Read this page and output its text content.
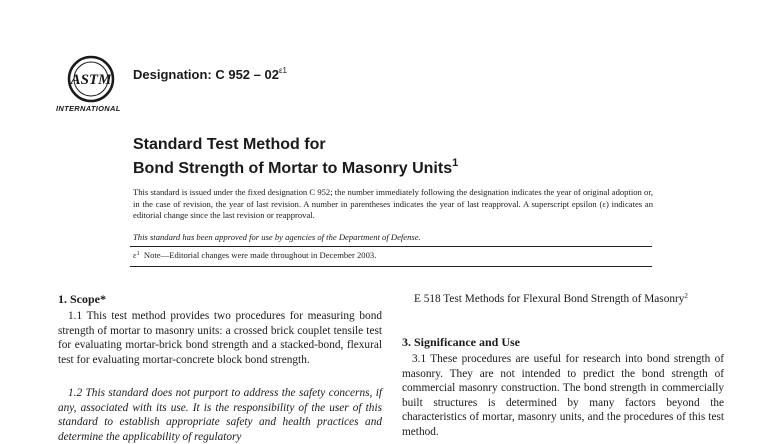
ASTM
INTERNATIONAL
Designation: C $952 - 02^{\varepsilon 1}$
Standard Test Method for
Bond Strength of Mortar to Masonry Units$^1$
This standard is issued under the fixed designation C 952; the number immediately following the designation indicates the year of original adoption or, in the case of revision, the year of last revision. A number in parentheses indicates the year of last reapproval. A superscript epsilon (ε) indicates an editorial change since the last revision or reapproval.
This standard has been approved for use by agencies of the Department of Defense.
$\varepsilon^1$ Note—Editorial changes were made throughout in December 2003.
1. Scope*
1.1 This test method provides two procedures for measuring bond strength of mortar to masonry units: a crossed brick couplet tensile test for evaluating mortar-brick bond strength and a stacked-bond, flexural test for evaluating mortar-concrete block bond strength.
1.2 This standard does not purport to address the safety concerns, if any, associated with its use. It is the responsibility of the user of this standard to establish appropriate safety and health practices and determine the applicability of regulatory
E 518 Test Methods for Flexural Bond Strength of Masonry$^2$
3. Significance and Use
3.1 These procedures are useful for research into bond strength of masonry. They are not intended to predict the bond strength of commercial masonry construction. The bond strength in commercially built structures is determined by many factors beyond the characteristics of mortar, masonry units, and the procedures of this test method.
